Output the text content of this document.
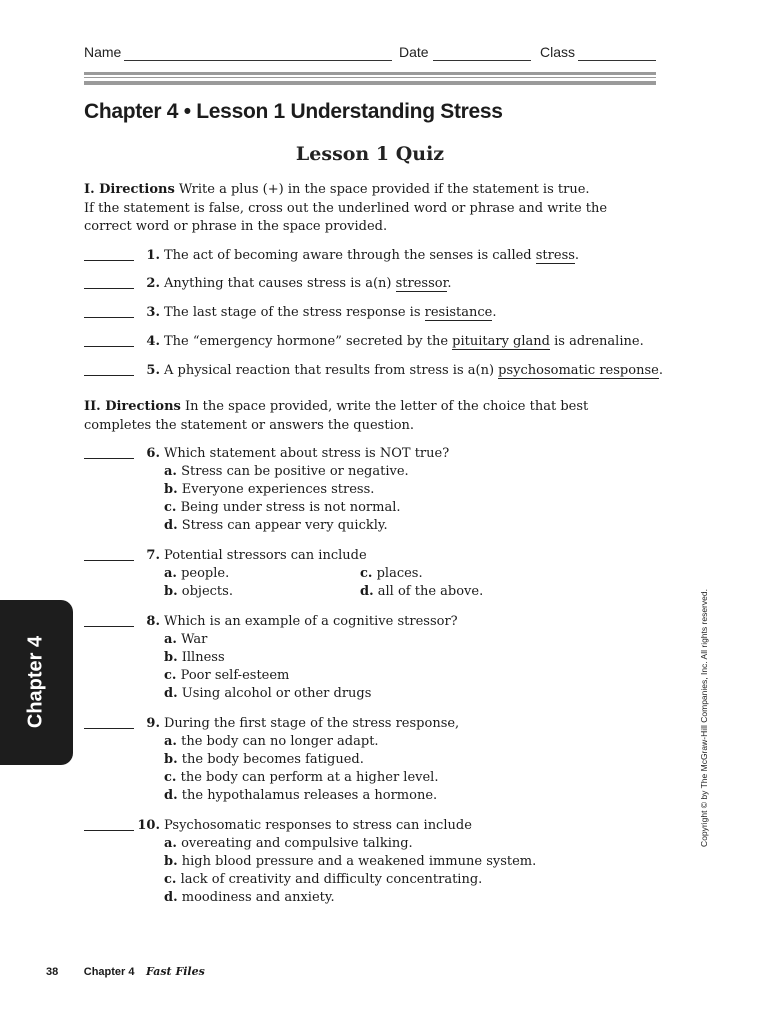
Name	Date	Class
Chapter 4 • Lesson 1 Understanding Stress
Lesson 1 Quiz
I. Directions Write a plus (+) in the space provided if the statement is true.
If the statement is false, cross out the underlined word or phrase and write the
correct word or phrase in the space provided.
1. The act of becoming aware through the senses is called stress.
2. Anything that causes stress is a(n) stressor.
3. The last stage of the stress response is resistance.
4. The “emergency hormone” secreted by the pituitary gland is adrenaline.
5. A physical reaction that results from stress is a(n) psychosomatic response.
II. Directions In the space provided, write the letter of the choice that best
completes the statement or answers the question.
6. Which statement about stress is NOT true?
a. Stress can be positive or negative.
b. Everyone experiences stress.
c. Being under stress is not normal.
d. Stress can appear very quickly.
7. Potential stressors can include
a. people.	c. places.
b. objects.	d. all of the above.
8. Which is an example of a cognitive stressor?
a. War
b. Illness
c. Poor self-esteem
d. Using alcohol or other drugs
9. During the first stage of the stress response,
a. the body can no longer adapt.
b. the body becomes fatigued.
c. the body can perform at a higher level.
d. the hypothalamus releases a hormone.
10. Psychosomatic responses to stress can include
a. overeating and compulsive talking.
b. high blood pressure and a weakened immune system.
c. lack of creativity and difficulty concentrating.
d. moodiness and anxiety.
Chapter 4	Copyright © by The McGraw-Hill Companies, Inc. All rights reserved.
38 Chapter 4 Fast Files
